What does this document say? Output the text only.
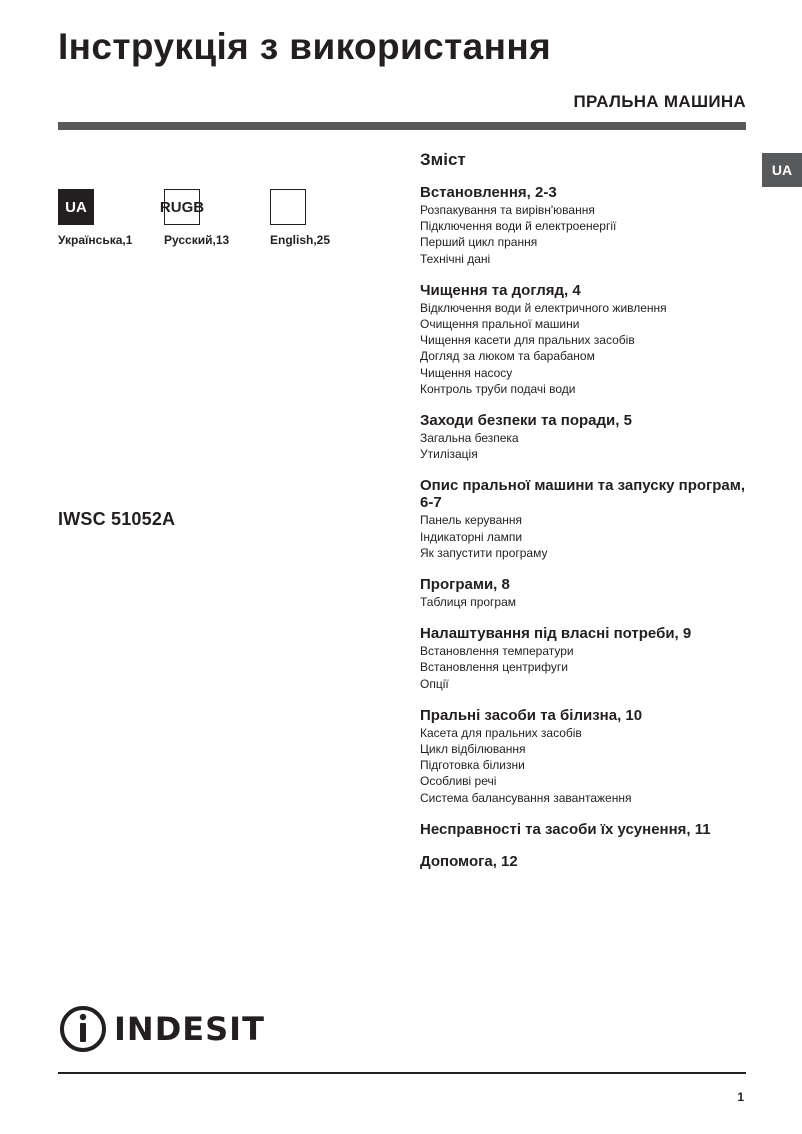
Інструкція з використання
ПРАЛЬНА МАШИНА
UA
UA	RUGB
Українська,1	Русский,13	English,25
IWSC 51052A
Зміст
Встановлення, 2-3
Розпакування та вирівн'ювання
Підключення води й електроенергії
Перший цикл прання
Технічні дані
Чищення та догляд, 4
Відключення води й електричного живлення
Очищення пральної машини
Чищення касети для пральних засобів
Догляд за люком та барабаном
Чищення насосу
Контроль труби подачі води
Заходи безпеки та поради, 5
Загальна безпека
Утилізація
Опис пральної машини та запуску програм, 6-7
Панель керування
Індикаторні лампи
Як запустити програму
Програми, 8
Таблиця програм
Налаштування під власні потреби, 9
Встановлення температури
Встановлення центрифуги
Опції
Пральні засоби та білизна, 10
Касета для пральних засобів
Цикл відбілювання
Підготовка білизни
Особливі речі
Система балансування завантаження
Несправності та засоби їх усунення, 11
Допомога, 12
INDESIT
1
